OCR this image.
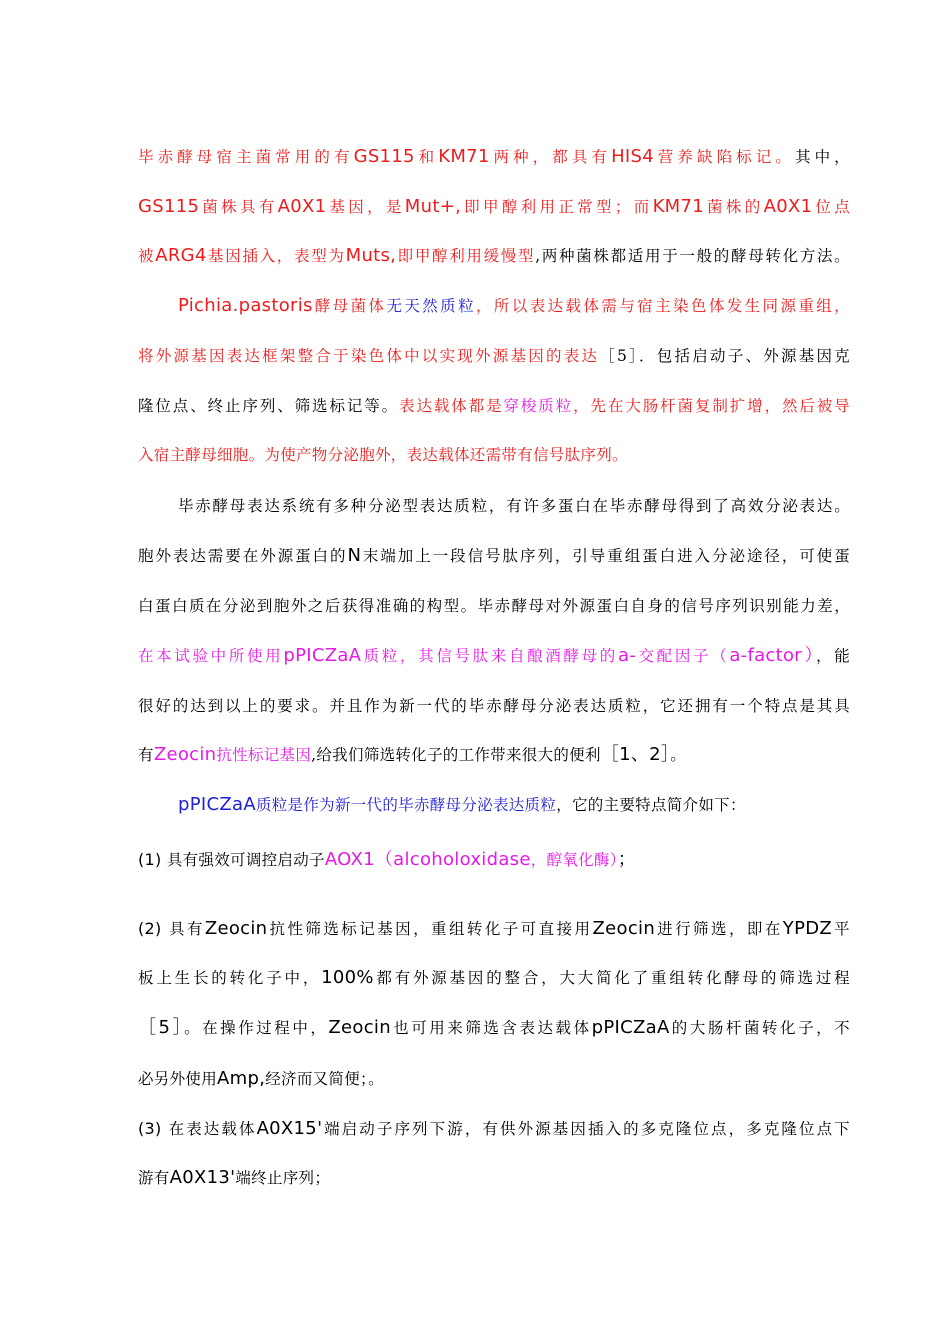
毕赤酵母宿主菌常用的有GS115和KM71两种，都具有HIS4营养缺陷标记。其中，
GS115菌株具有A0X1基因，是Mut+,即甲醇利用正常型；而KM71菌株的A0X1位点
被ARG4基因插入，表型为Muts,即甲醇利用缓慢型,两种菌株都适用于一般的酵母转化方法。
Pichia.pastoris酵母菌体无天然质粒，所以表达载体需与宿主染色体发生同源重组，
将外源基因表达框架整合于染色体中以实现外源基因的表达［5］．包括启动子、外源基因克
隆位点、终止序列、筛选标记等。表达载体都是穿梭质粒，先在大肠杆菌复制扩增，然后被导
入宿主酵母细胞。为使产物分泌胞外，表达载体还需带有信号肽序列。
毕赤酵母表达系统有多种分泌型表达质粒，有许多蛋白在毕赤酵母得到了高效分泌表达。
胞外表达需要在外源蛋白的N末端加上一段信号肽序列，引导重组蛋白进入分泌途径，可使蛋
白蛋白质在分泌到胞外之后获得准确的构型。毕赤酵母对外源蛋白自身的信号序列识别能力差，
在本试验中所使用pPICZaA质粒，其信号肽来自酿酒酵母的a-交配因子（a-factor），能
很好的达到以上的要求。并且作为新一代的毕赤酵母分泌表达质粒，它还拥有一个特点是其具
有Zeocin抗性标记基因,给我们筛选转化子的工作带来很大的便利［1、2］。
pPICZaA质粒是作为新一代的毕赤酵母分泌表达质粒，它的主要特点简介如下：
(1) 具有强效可调控启动子AOX1（alcoholoxidase，醇氧化酶）；
(2) 具有Zeocin抗性筛选标记基因，重组转化子可直接用Zeocin进行筛选，即在YPDZ平
板上生长的转化子中，100%都有外源基因的整合，大大简化了重组转化酵母的筛选过程
［5］。在操作过程中，Zeocin也可用来筛选含表达载体pPICZaA的大肠杆菌转化子，不
必另外使用Amp,经济而又简便；。
(3) 在表达载体A0X15'端启动子序列下游，有供外源基因插入的多克隆位点，多克隆位点下
游有A0X13'端终止序列；
